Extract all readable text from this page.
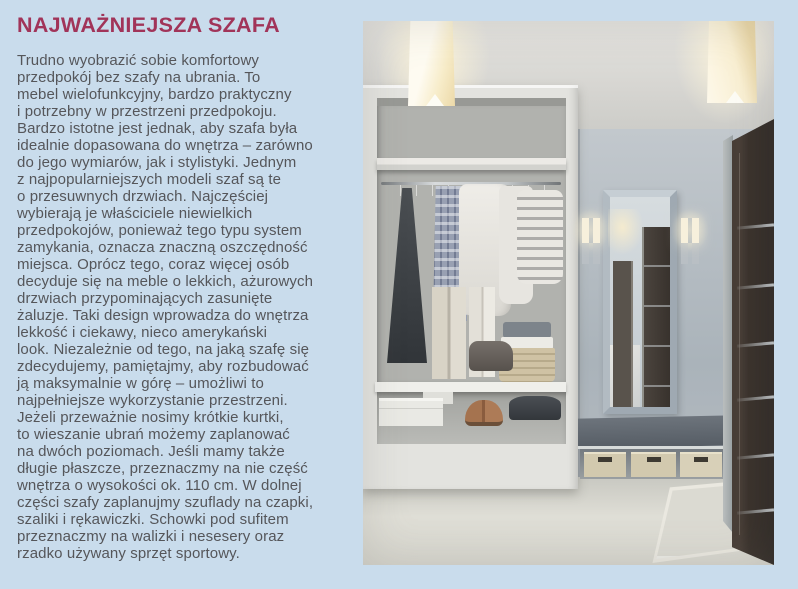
NAJWAŻNIEJSZA SZAFA

Trudno wyobrazić sobie komfortowy

przedpokój bez szafy na ubrania. To

mebel wielofunkcyjny, bardzo praktyczny

i potrzebny w przestrzeni przedpokoju.

Bardzo istotne jest jednak, aby szafa była

idealnie dopasowana do wnętrza – zarówno

do jego wymiarów, jak i stylistyki. Jednym

z najpopularniejszych modeli szaf są te

o przesuwnych drzwiach. Najczęściej

wybierają je właściciele niewielkich

przedpokojów, ponieważ tego typu system

zamykania, oznacza znaczną oszczędność

miejsca. Oprócz tego, coraz więcej osób

decyduje się na meble o lekkich, ażurowych

drzwiach przypominających zasunięte

żaluzje. Taki design wprowadza do wnętrza

lekkość i ciekawy, nieco amerykański

look. Niezależnie od tego, na jaką szafę się

zdecydujemy, pamiętajmy, aby rozbudować

ją maksymalnie w górę – umożliwi to

najpełniejsze wykorzystanie przestrzeni.

Jeżeli przeważnie nosimy krótkie kurtki,

to wieszanie ubrań możemy zaplanować

na dwóch poziomach. Jeśli mamy także

długie płaszcze, przeznaczmy na nie część

wnętrza o wysokości ok. 110 cm. W dolnej

części szafy zaplanujmy szuflady na czapki,

szaliki i rękawiczki. Schowki pod sufitem

przeznaczmy na walizki i nesesery oraz

rzadko używany sprzęt sportowy.
